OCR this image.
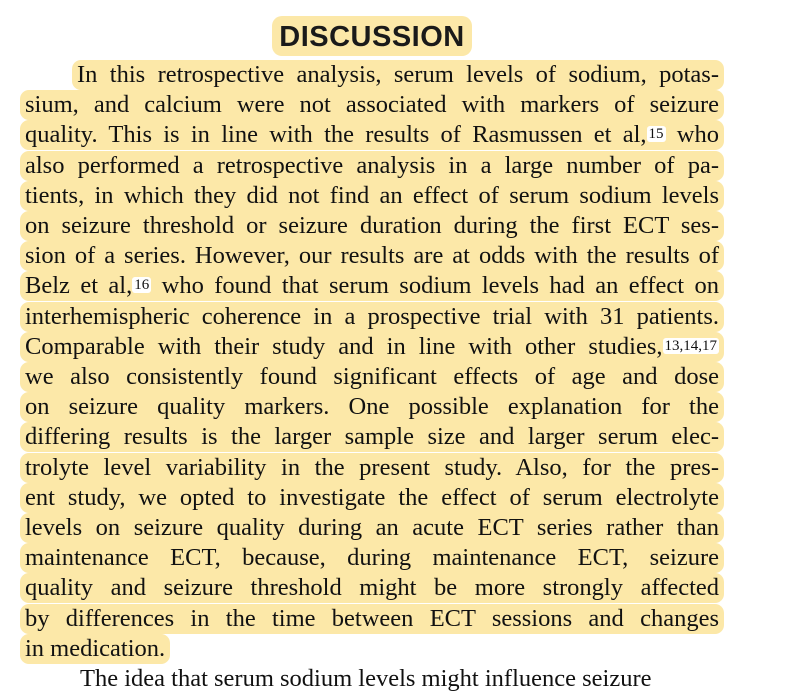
DISCUSSION
In this retrospective analysis, serum levels of sodium, potas-
sium, and calcium were not associated with markers of seizure
quality. This is in line with the results of Rasmussen et al, $^{15}$ who
also performed a retrospective analysis in a large number of pa-
tients, in which they did not find an effect of serum sodium levels
on seizure threshold or seizure duration during the first ECT ses-
sion of a series. However, our results are at odds with the results of
Belz et al, $^{16}$ who found that serum sodium levels had an effect on
interhemispheric coherence in a prospective trial with 31 patients.
Comparable with their study and in line with other studies, $^{13,14,17}$
we also consistently found significant effects of age and dose
on seizure quality markers. One possible explanation for the
differing results is the larger sample size and larger serum elec-
trolyte level variability in the present study. Also, for the pres-
ent study, we opted to investigate the effect of serum electrolyte
levels on seizure quality during an acute ECT series rather than
maintenance ECT, because, during maintenance ECT, seizure
quality and seizure threshold might be more strongly affected
by differences in the time between ECT sessions and changes
in medication.
The idea that serum sodium levels might influence seizure
